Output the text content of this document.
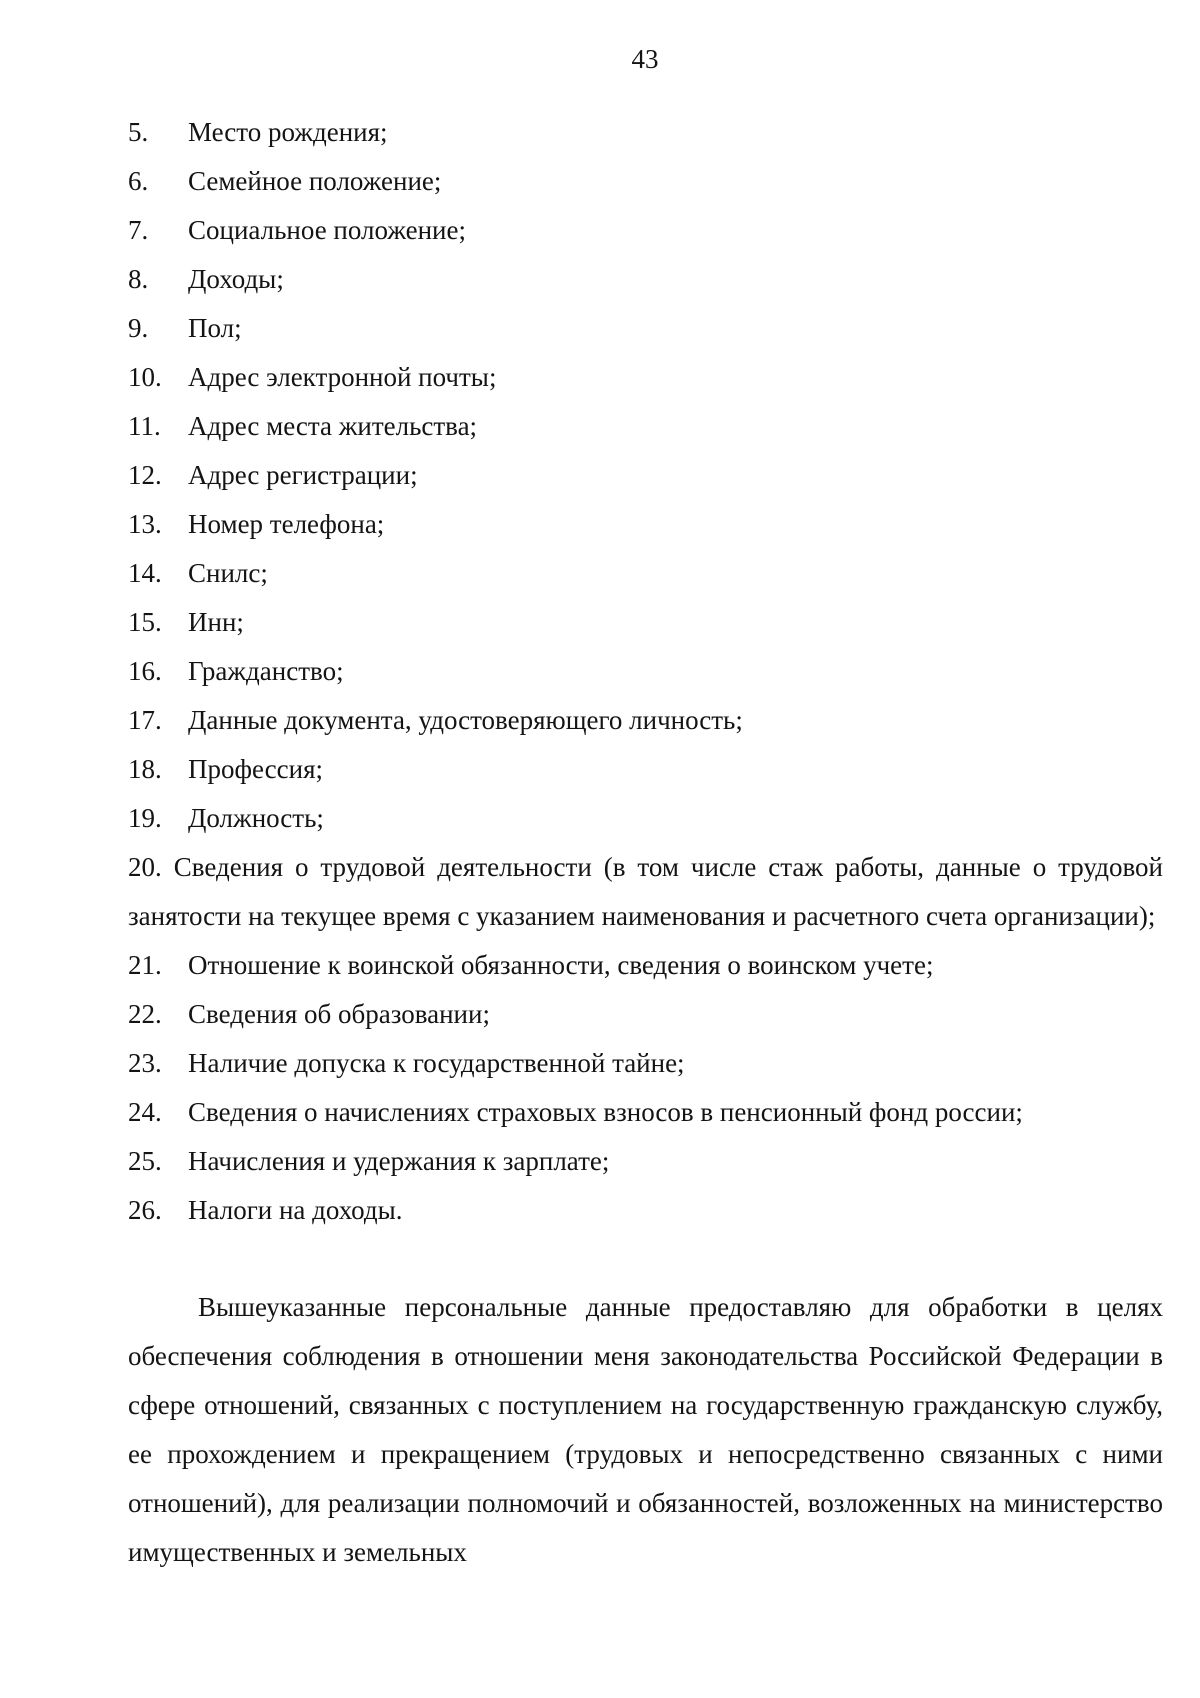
43
5. Место рождения;
6. Семейное положение;
7. Социальное положение;
8. Доходы;
9. Пол;
10. Адрес электронной почты;
11. Адрес места жительства;
12. Адрес регистрации;
13. Номер телефона;
14. Снилс;
15. Инн;
16. Гражданство;
17. Данные документа, удостоверяющего личность;
18. Профессия;
19. Должность;
20. Сведения о трудовой деятельности (в том числе стаж работы, данные о трудовой занятости на текущее время с указанием наименования и расчетного счета организации);
21. Отношение к воинской обязанности, сведения о воинском учете;
22. Сведения об образовании;
23. Наличие допуска к государственной тайне;
24. Сведения о начислениях страховых взносов в пенсионный фонд россии;
25. Начисления и удержания к зарплате;
26. Налоги на доходы.

Вышеуказанные персональные данные предоставляю для обработки в целях обеспечения соблюдения в отношении меня законодательства Российской Федерации в сфере отношений, связанных с поступлением на государственную гражданскую службу, ее прохождением и прекращением (трудовых и непосредственно связанных с ними отношений), для реализации полномочий и обязанностей, возложенных на министерство имущественных и земельных
